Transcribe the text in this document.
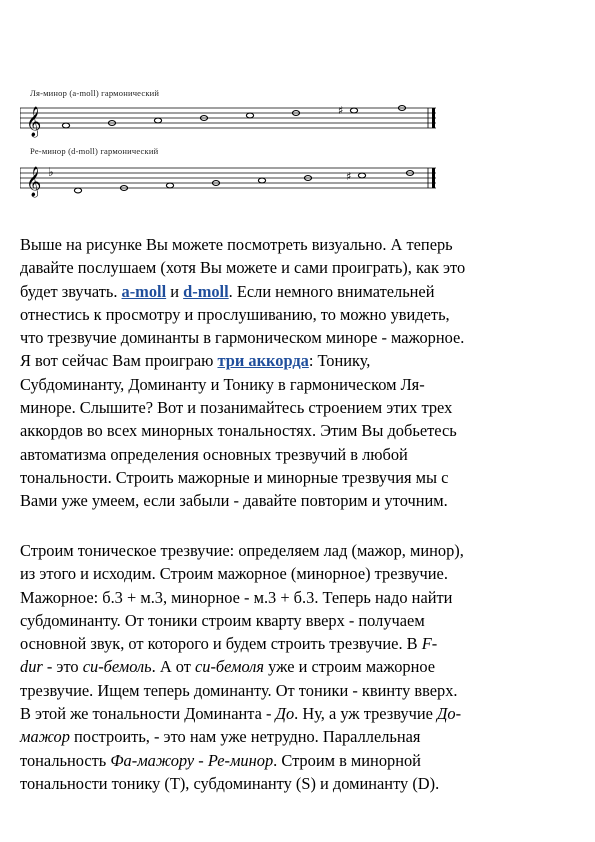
Ля-минор (a-moll) гармонический
𝄞	♯
Ре-минор (d-moll) гармонический
𝄞 ♭	♯
Выше на рисунке Вы можете посмотреть визуально. А теперь
давайте послушаем (хотя Вы можете и сами проиграть), как это
будет звучать. a-moll и d-moll. Если немного внимательней
отнестись к просмотру и прослушиванию, то можно увидеть,
что трезвучие доминанты в гармоническом миноре - мажорное.
Я вот сейчас Вам проиграю три аккорда: Тонику,
Субдоминанту, Доминанту и Тонику в гармоническом Ля-
миноре. Слышите? Вот и позанимайтесь строением этих трех
аккордов во всех минорных тональностях. Этим Вы добьетесь
автоматизма определения основных трезвучий в любой
тональности. Строить мажорные и минорные трезвучия мы с
Вами уже умеем, если забыли - давайте повторим и уточним.
Строим тоническое трезвучие: определяем лад (мажор, минор),
из этого и исходим. Строим мажорное (минорное) трезвучие.
Мажорное: б.3 + м.3, минорное - м.3 + б.3. Теперь надо найти
субдоминанту. От тоники строим кварту вверх - получаем
основной звук, от которого и будем строить трезвучие. В F-
dur - это си-бемоль. А от си-бемоля уже и строим мажорное
трезвучие. Ищем теперь доминанту. От тоники - квинту вверх.
В этой же тональности Доминанта - До. Ну, а уж трезвучие До-
мажор построить, - это нам уже нетрудно. Параллельная
тональность Фа-мажору - Ре-минор. Строим в минорной
тональности тонику (T), субдоминанту (S) и доминанту (D).
